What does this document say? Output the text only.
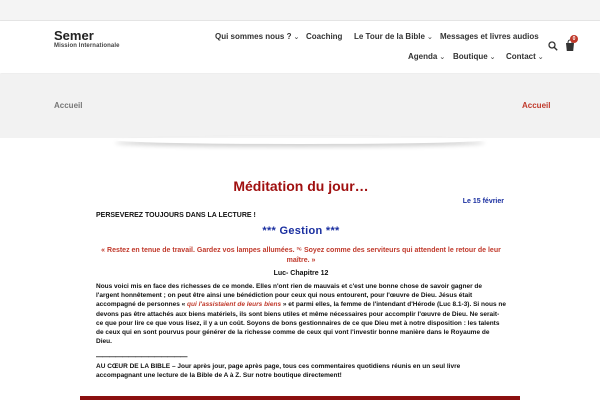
Semer
Mission Internationale
Qui sommes nous ? ⌄ Coaching Le Tour de la Bible ⌄ Messages et livres audios
Agenda ⌄ Boutique ⌄ Contact ⌄
0
Accueil	Accueil
Méditation du jour…
Le 15 février
PERSEVEREZ TOUJOURS DANS LA LECTURE !
*** Gestion ***
« Restez en tenue de travail. Gardez vos lampes allumées. ³⁶ Soyez comme des serviteurs qui attendent le retour de leur
maître. »
Luc- Chapitre 12
Nous voici mis en face des richesses de ce monde. Elles n'ont rien de mauvais et c'est une bonne chose de savoir gagner de l'argent honnêtement ; on peut être ainsi une bénédiction pour ceux qui nous entourent, pour l'œuvre de Dieu. Jésus était accompagné de personnes « qui l'assistaient de leurs biens » et parmi elles, la femme de l'intendant d'Hérode (Luc 8.1-3). Si nous ne devons pas être attachés aux biens matériels, ils sont biens utiles et même nécessaires pour accomplir l'œuvre de Dieu. Ne serait-ce que pour lire ce que vous lisez, il y a un coût. Soyons de bons gestionnaires de ce que Dieu met à notre disposition : les talents de ceux qui en sont pourvus pour générer de la richesse comme de ceux qui vont l'investir bonne manière dans le Royaume de Dieu.
——————————————
AU CŒUR DE LA BIBLE – Jour après jour, page après page, tous ces commentaires quotidiens réunis en un seul livre accompagnant une lecture de la Bible de A à Z. Sur notre boutique directement!
